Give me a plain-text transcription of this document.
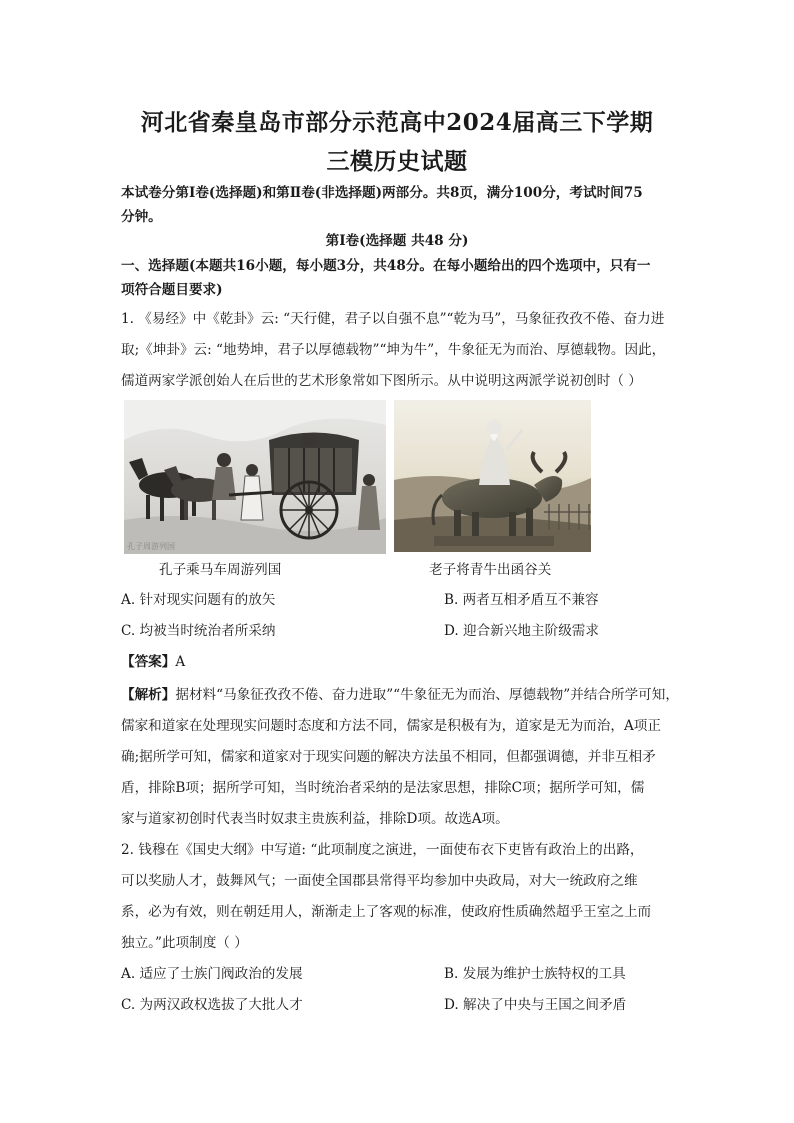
河北省秦皇岛市部分示范高中2024届高三下学期
三模历史试题
本试卷分第Ⅰ卷(选择题)和第Ⅱ卷(非选择题)两部分。共8页，满分100分，考试时间75
分钟。
第Ⅰ卷(选择题 共48 分)
一、选择题(本题共16小题，每小题3分，共48分。在每小题给出的四个选项中，只有一
项符合题目要求)
1. 《易经》中《乾卦》云: “天行健，君子以自强不息”“乾为马”，马象征孜孜不倦、奋力进
取;《坤卦》云: “地势坤，君子以厚德载物”“坤为牛”，牛象征无为而治、厚德载物。因此，
儒道两家学派创始人在后世的艺术形象常如下图所示。从中说明这两派学说初创时（ ）
孔子周游列国
孔子乘马车周游列国	老子将青牛出函谷关
A. 针对现实问题有的放矢	B. 两者互相矛盾互不兼容
C. 均被当时统治者所采纳	D. 迎合新兴地主阶级需求
【答案】A
【解析】据材料“马象征孜孜不倦、奋力进取”“牛象征无为而治、厚德载物”并结合所学可知，
儒家和道家在处理现实问题时态度和方法不同，儒家是积极有为，道家是无为而治，A项正
确;据所学可知，儒家和道家对于现实问题的解决方法虽不相同，但都强调德，并非互相矛
盾，排除B项；据所学可知，当时统治者采纳的是法家思想，排除C项；据所学可知，儒
家与道家初创时代表当时奴隶主贵族利益，排除D项。故选A项。
2. 钱穆在《国史大纲》中写道: “此项制度之演进，一面使布衣下吏皆有政治上的出路，
可以奖励人才，鼓舞风气；一面使全国郡县常得平均参加中央政局，对大一统政府之维
系，必为有效，则在朝廷用人，渐渐走上了客观的标准，使政府性质确然超乎王室之上而
独立。”此项制度（ ）
A. 适应了士族门阀政治的发展	B. 发展为维护士族特权的工具
C. 为两汉政权选拔了大批人才	D. 解决了中央与王国之间矛盾
